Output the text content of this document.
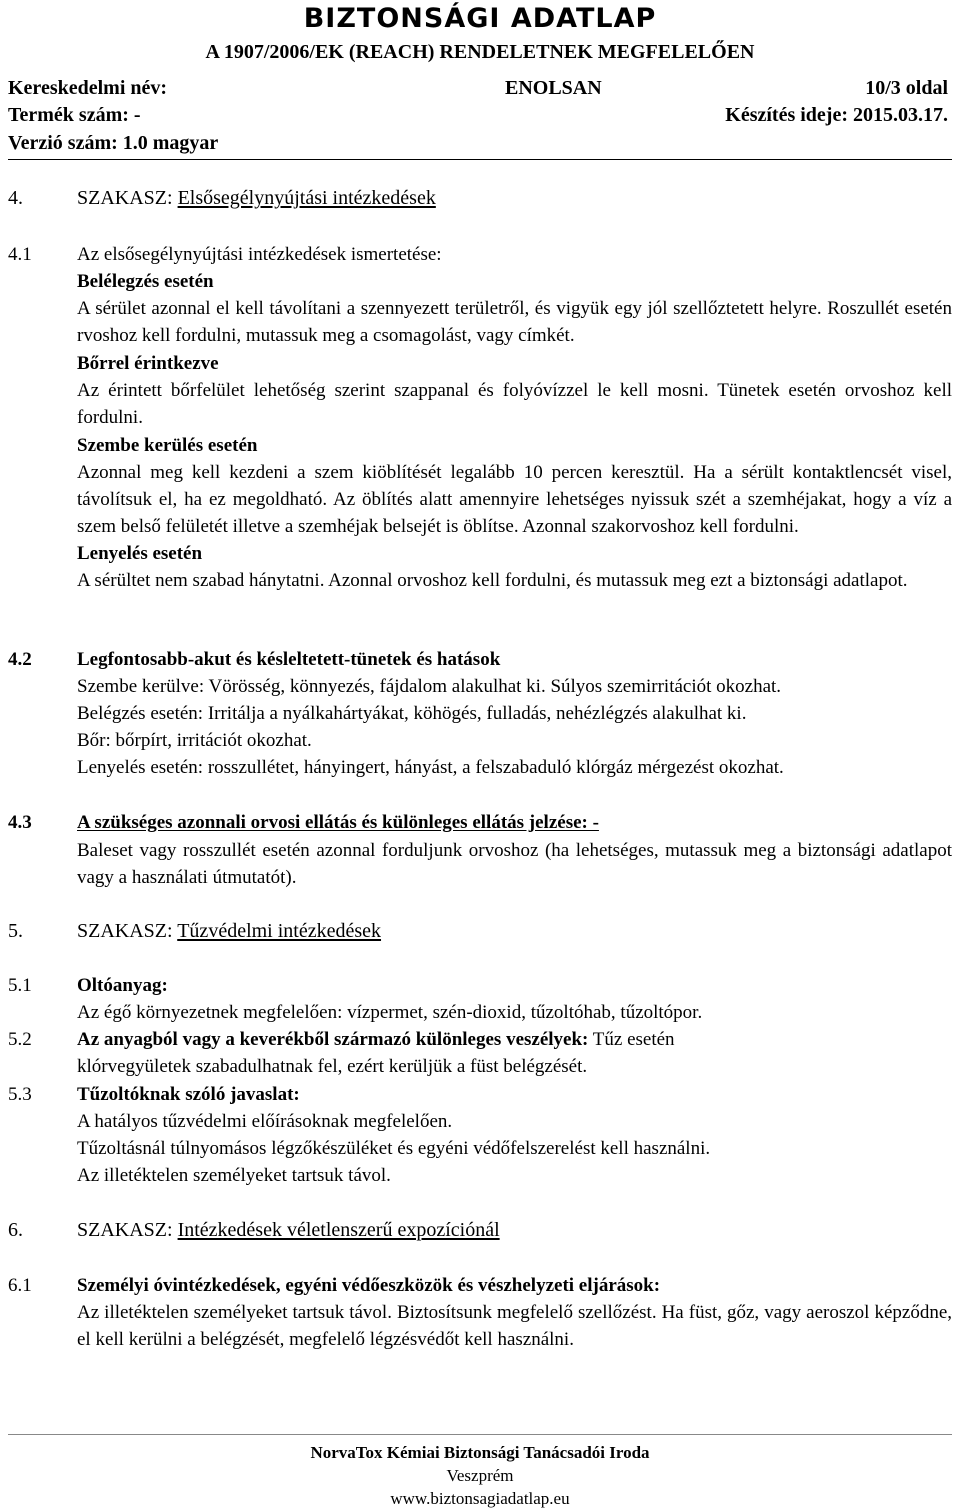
BIZTONSÁGI ADATLAP
A 1907/2006/EK (REACH) RENDELETNEK MEGFELELŐEN
Kereskedelmi név:	ENOLSAN	10/3 oldal
Termék szám: -	Készítés ideje: 2015.03.17.
Verzió szám: 1.0 magyar
4.	SZAKASZ: Elsősegélynyújtási intézkedések
4.1 Az elsősegélynyújtási intézkedések ismertetése:

Belélegzés esetén

A sérület azonnal el kell távolítani a szennyezett területről, és vigyük egy jól szellőztetett helyre. Roszullét esetén rvoshoz kell fordulni, mutassuk meg a csomagolást, vagy címkét.

Bőrrel érintkezve

Az érintett bőrfelület lehetőség szerint szappanal és folyóvízzel le kell mosni. Tünetek esetén orvoshoz kell fordulni.

Szembe kerülés esetén

Azonnal meg kell kezdeni a szem kiöblítését legalább 10 percen keresztül. Ha a sérült kontaktlencsét visel, távolítsuk el, ha ez megoldható. Az öblítés alatt amennyire lehetséges nyissuk szét a szemhéjakat, hogy a víz a szem belső felületét illetve a szemhéjak belsejét is öblítse. Azonnal szakorvoshoz kell fordulni.

Lenyelés esetén

A sérültet nem szabad hánytatni. Azonnal orvoshoz kell fordulni, és mutassuk meg ezt a biztonsági adatlapot.

4.2 Legfontosabb-akut és késleltetett-tünetek és hatások

Szembe kerülve: Vörösség, könnyezés, fájdalom alakulhat ki. Súlyos szemirritációt okozhat.

Belégzés esetén: Irritálja a nyálkahártyákat, köhögés, fulladás, nehézlégzés alakulhat ki.

Bőr: bőrpírt, irritációt okozhat.

Lenyelés esetén: rosszullétet, hányingert, hányást, a felszabaduló klórgáz mérgezést okozhat.

4.3 A szükséges azonnali orvosi ellátás és különleges ellátás jelzése: -

Baleset vagy rosszullét esetén azonnal forduljunk orvoshoz (ha lehetséges, mutassuk meg a biztonsági adatlapot vagy a használati útmutatót).

5.	SZAKASZ: Tűzvédelmi intézkedések
5.1 Oltóanyag:

Az égő környezetnek megfelelően: vízpermet, szén-dioxid, tűzoltóhab, tűzoltópor.

5.2 Az anyagból vagy a keverékből származó különleges veszélyek: Tűz esetén

klórvegyületek szabadulhatnak fel, ezért kerüljük a füst belégzését.

5.3 Tűzoltóknak szóló javaslat:

A hatályos tűzvédelmi előírásoknak megfelelően.

Tűzoltásnál túlnyomásos légzőkészüléket és egyéni védőfelszerelést kell használni.

Az illetéktelen személyeket tartsuk távol.

6.	SZAKASZ: Intézkedések véletlenszerű expozíciónál
6.1 Személyi óvintézkedések, egyéni védőeszközök és vészhelyzeti eljárások:

Az illetéktelen személyeket tartsuk távol. Biztosítsunk megfelelő szellőzést. Ha füst, gőz, vagy aeroszol képződne, el kell kerülni a belégzését, megfelelő légzésvédőt kell használni.

NorvaTox Kémiai Biztonsági Tanácsadói Iroda
Veszprém
www.biztonsagiadatlap.eu
